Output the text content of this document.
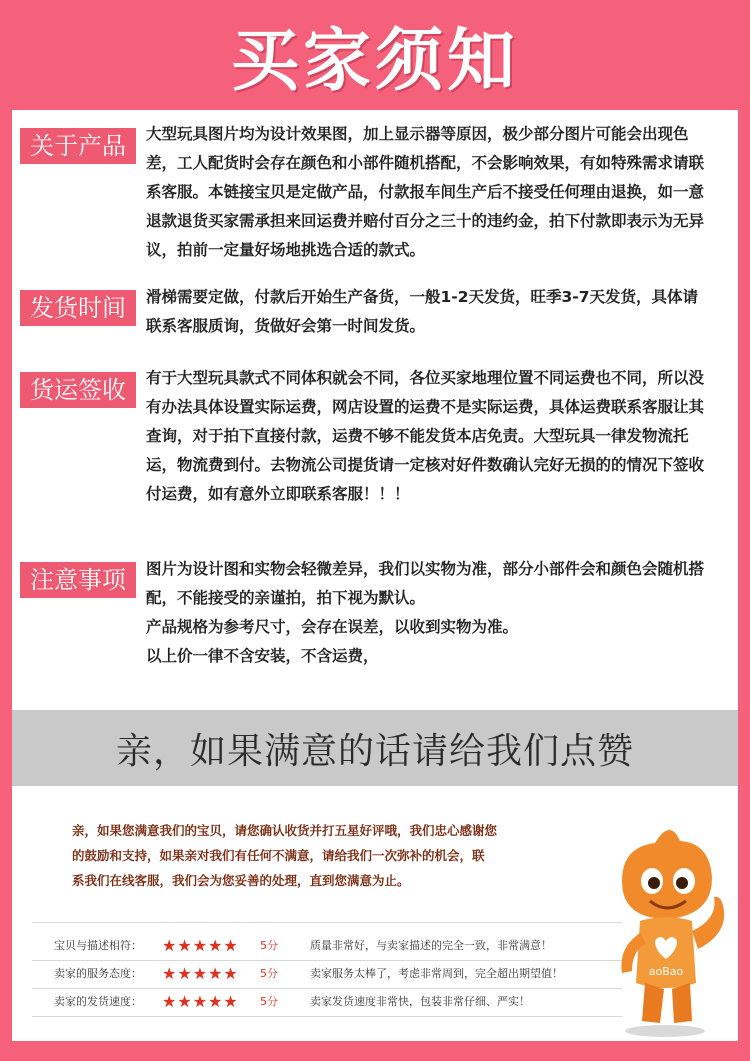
买家须知
关于产品	大型玩具图片均为设计效果图，加上显示器等原因，极少部分图片可能会出现色差，工人配货时会存在颜色和小部件随机搭配，不会影响效果，有如特殊需求请联系客服。本链接宝贝是定做产品，付款报车间生产后不接受任何理由退换，如一意退款退货买家需承担来回运费并赔付百分之三十的违约金，拍下付款即表示为无异议，拍前一定量好场地挑选合适的款式。

发货时间	滑梯需要定做，付款后开始生产备货，一般1-2天发货，旺季3-7天发货，具体请联系客服质询，货做好会第一时间发货。

货运签收	有于大型玩具款式不同体积就会不同，各位买家地理位置不同运费也不同，所以没有办法具体设置实际运费，网店设置的运费不是实际运费，具体运费联系客服让其查询，对于拍下直接付款，运费不够不能发货本店免责。大型玩具一律发物流托运，物流费到付。去物流公司提货请一定核对好件数确认完好无损的的情况下签收付运费，如有意外立即联系客服！！！

注意事项	图片为设计图和实物会轻微差异，我们以实物为准，部分小部件会和颜色会随机搭配，不能接受的亲谨拍，拍下视为默认。

产品规格为参考尺寸，会存在误差，以收到实物为准。

以上价一律不含安装，不含运费，

亲，如果满意的话请给我们点赞

亲，如果您满意我们的宝贝，请您确认收货并打五星好评哦，我们忠心感谢您

的鼓励和支持，如果亲对我们有任何不满意，请给我们一次弥补的机会，联

系我们在线客服，我们会为您妥善的处理，直到您满意为止。

宝贝与描述相符：	★★★★★	5分	质量非常好，与卖家描述的完全一致，非常满意！
卖家的服务态度：	★★★★★	5分	卖家服务太棒了，考虑非常周到，完全超出期望值！
卖家的发货速度：	★★★★★	5分	卖家发货速度非常快，包装非常仔细、严实！
aoBao
